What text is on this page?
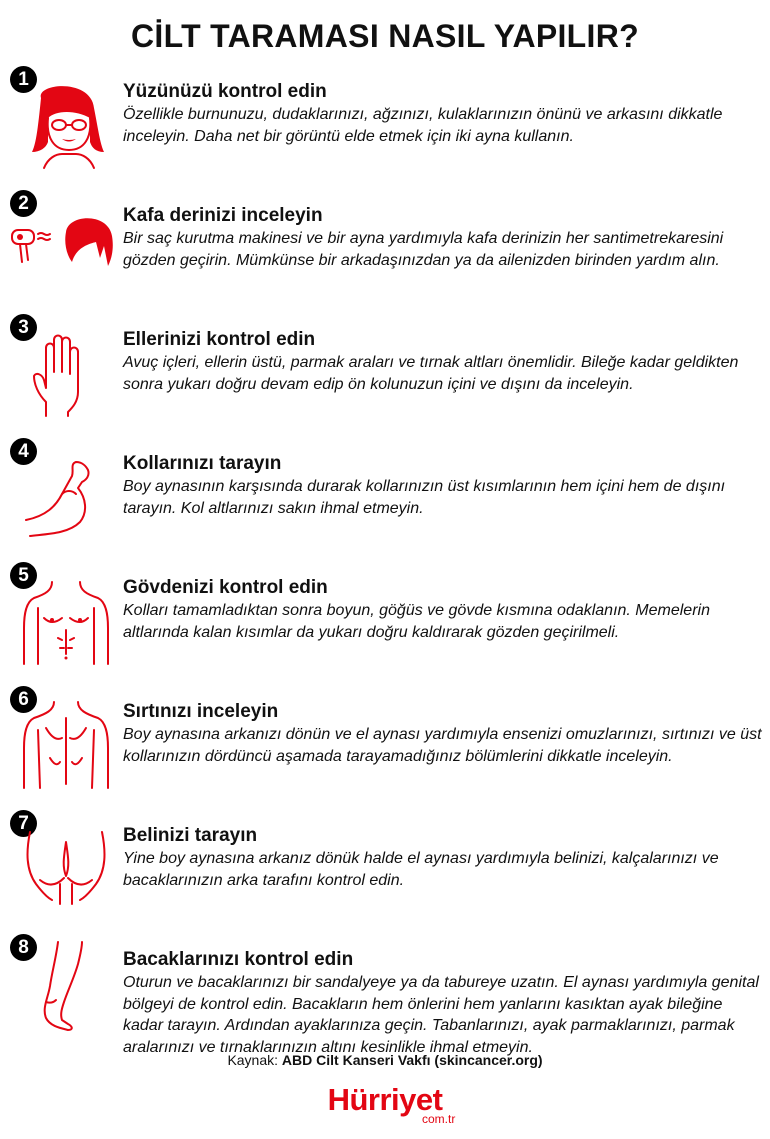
CİLT TARAMASI NASIL YAPILIR?
1

Yüzünüzü kontrol edin

Özellikle burnunuzu, dudaklarınızı, ağzınızı, kulaklarınızın önünü ve arkasını dikkatle inceleyin. Daha net bir görüntü elde etmek için iki ayna kullanın.

2

Kafa derinizi inceleyin

Bir saç kurutma makinesi ve bir ayna yardımıyla kafa derinizin her santimetrekaresini gözden geçirin. Mümkünse bir arkadaşınızdan ya da ailenizden birinden yardım alın.

3

Ellerinizi kontrol edin

Avuç içleri, ellerin üstü, parmak araları ve tırnak altları önemlidir. Bileğe kadar geldikten sonra yukarı doğru devam edip ön kolunuzun içini ve dışını da inceleyin.

4

Kollarınızı tarayın

Boy aynasının karşısında durarak kollarınızın üst kısımlarının hem içini hem de dışını tarayın. Kol altlarınızı sakın ihmal etmeyin.

5

Gövdenizi kontrol edin

Kolları tamamladıktan sonra boyun, göğüs ve gövde kısmına odaklanın. Memelerin altlarında kalan kısımlar da yukarı doğru kaldırarak gözden geçirilmeli.

6

Sırtınızı inceleyin

Boy aynasına arkanızı dönün ve el aynası yardımıyla ensenizi omuzlarınızı, sırtınızı ve üst kollarınızın dördüncü aşamada tarayamadığınız bölümlerini dikkatle inceleyin.

7

Belinizi tarayın

Yine boy aynasına arkanız dönük halde el aynası yardımıyla belinizi, kalçalarınızı ve bacaklarınızın arka tarafını kontrol edin.

8

Bacaklarınızı kontrol edin

Oturun ve bacaklarınızı bir sandalyeye ya da tabureye uzatın. El aynası yardımıyla genital bölgeyi de kontrol edin. Bacakların hem önlerini hem yanlarını kasıktan ayak bileğine kadar tarayın. Ardından ayaklarınıza geçin. Tabanlarınızı, ayak parmaklarınızı, parmak aralarınızı ve tırnaklarınızın altını kesinlikle ihmal etmeyin.

Kaynak: ABD Cilt Kanseri Vakfı (skincancer.org)
Hürriyet
com.tr
